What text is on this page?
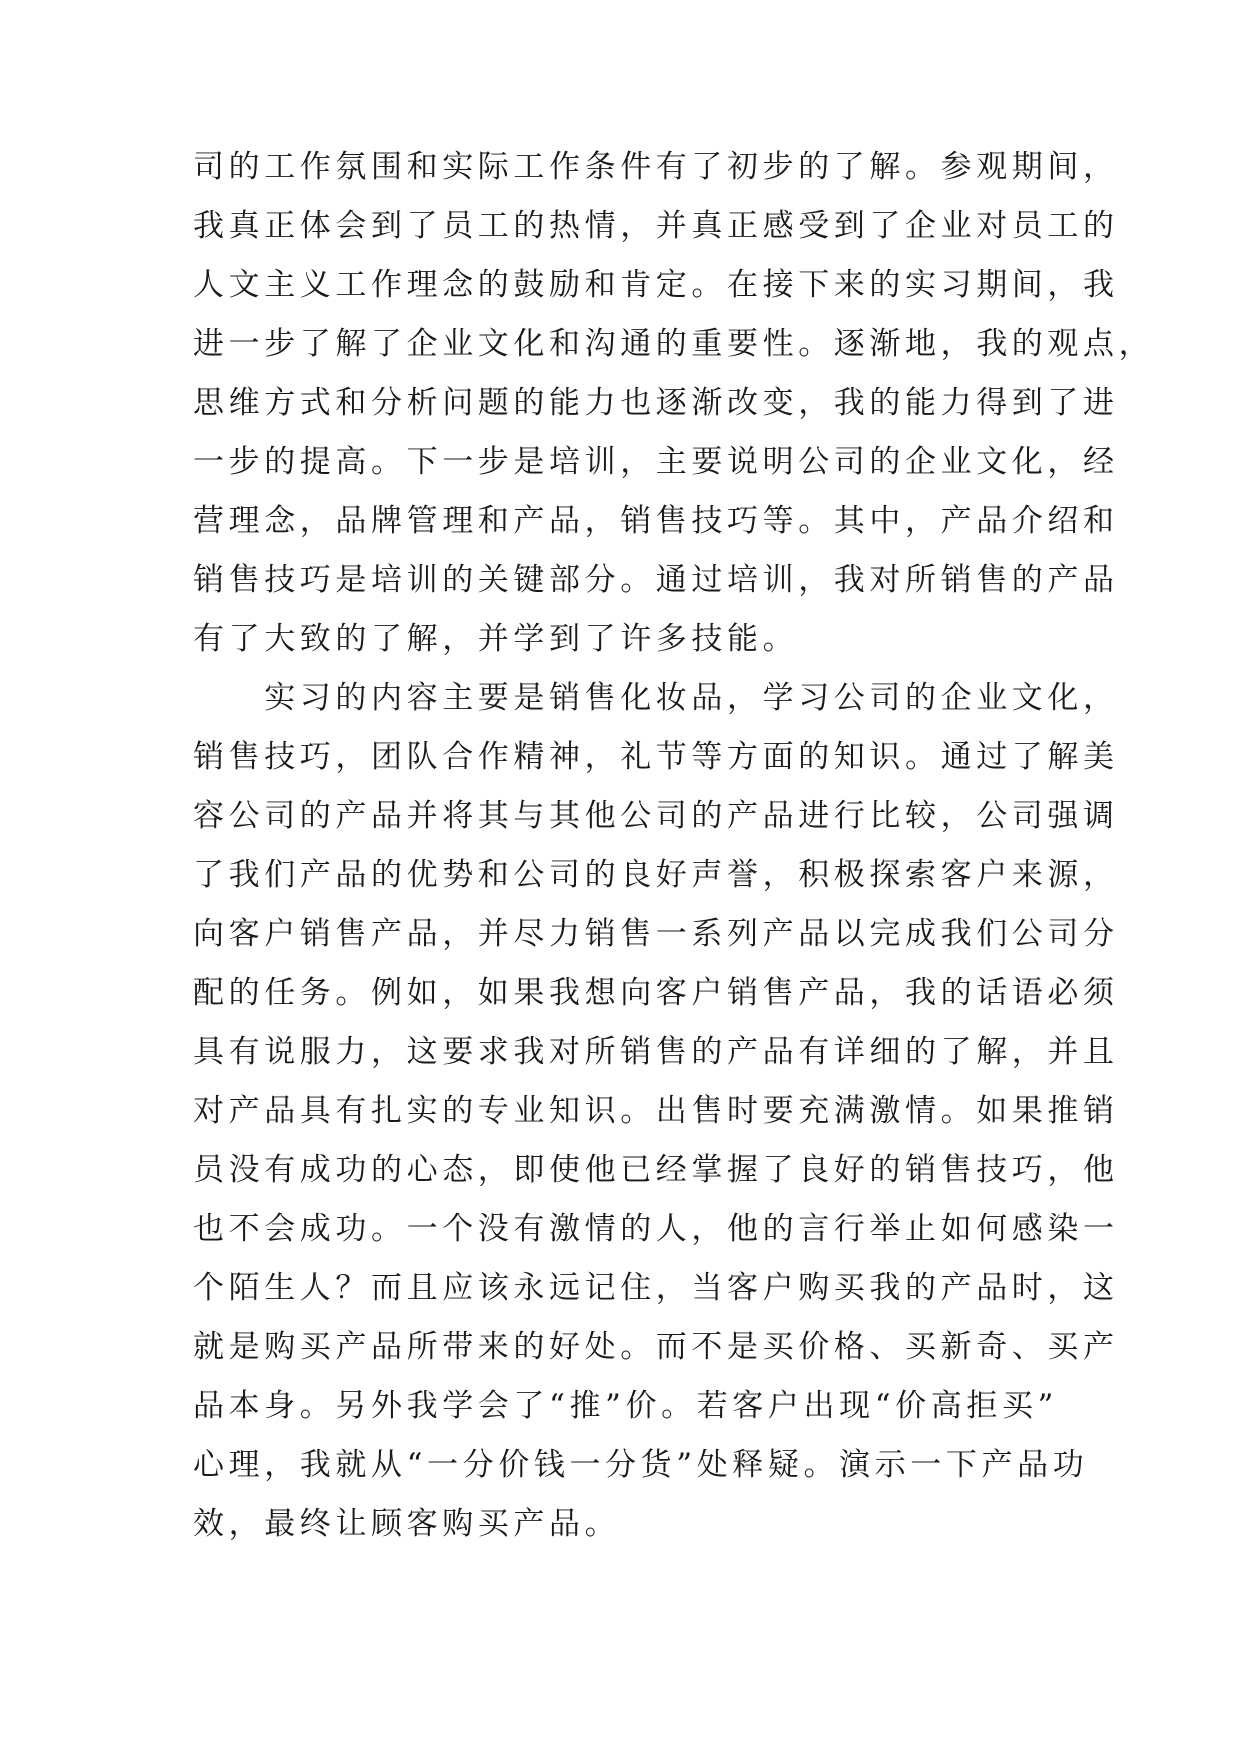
司的工作氛围和实际工作条件有了初步的了解。参观期间，
我真正体会到了员工的热情，并真正感受到了企业对员工的
人文主义工作理念的鼓励和肯定。在接下来的实习期间，我
进一步了解了企业文化和沟通的重要性。逐渐地，我的观点，
思维方式和分析问题的能力也逐渐改变，我的能力得到了进
一步的提高。下一步是培训，主要说明公司的企业文化，经
营理念，品牌管理和产品，销售技巧等。其中，产品介绍和
销售技巧是培训的关键部分。通过培训，我对所销售的产品
有了大致的了解，并学到了许多技能。
　　实习的内容主要是销售化妆品，学习公司的企业文化，
销售技巧，团队合作精神，礼节等方面的知识。通过了解美
容公司的产品并将其与其他公司的产品进行比较，公司强调
了我们产品的优势和公司的良好声誉，积极探索客户来源，
向客户销售产品，并尽力销售一系列产品以完成我们公司分
配的任务。例如，如果我想向客户销售产品，我的话语必须
具有说服力，这要求我对所销售的产品有详细的了解，并且
对产品具有扎实的专业知识。出售时要充满激情。如果推销
员没有成功的心态，即使他已经掌握了良好的销售技巧，他
也不会成功。一个没有激情的人，他的言行举止如何感染一
个陌生人？而且应该永远记住，当客户购买我的产品时，这
就是购买产品所带来的好处。而不是买价格、买新奇、买产
品本身。另外我学会了“推”价。若客户出现“价高拒买”
心理，我就从“一分价钱一分货”处释疑。演示一下产品功
效，最终让顾客购买产品。
